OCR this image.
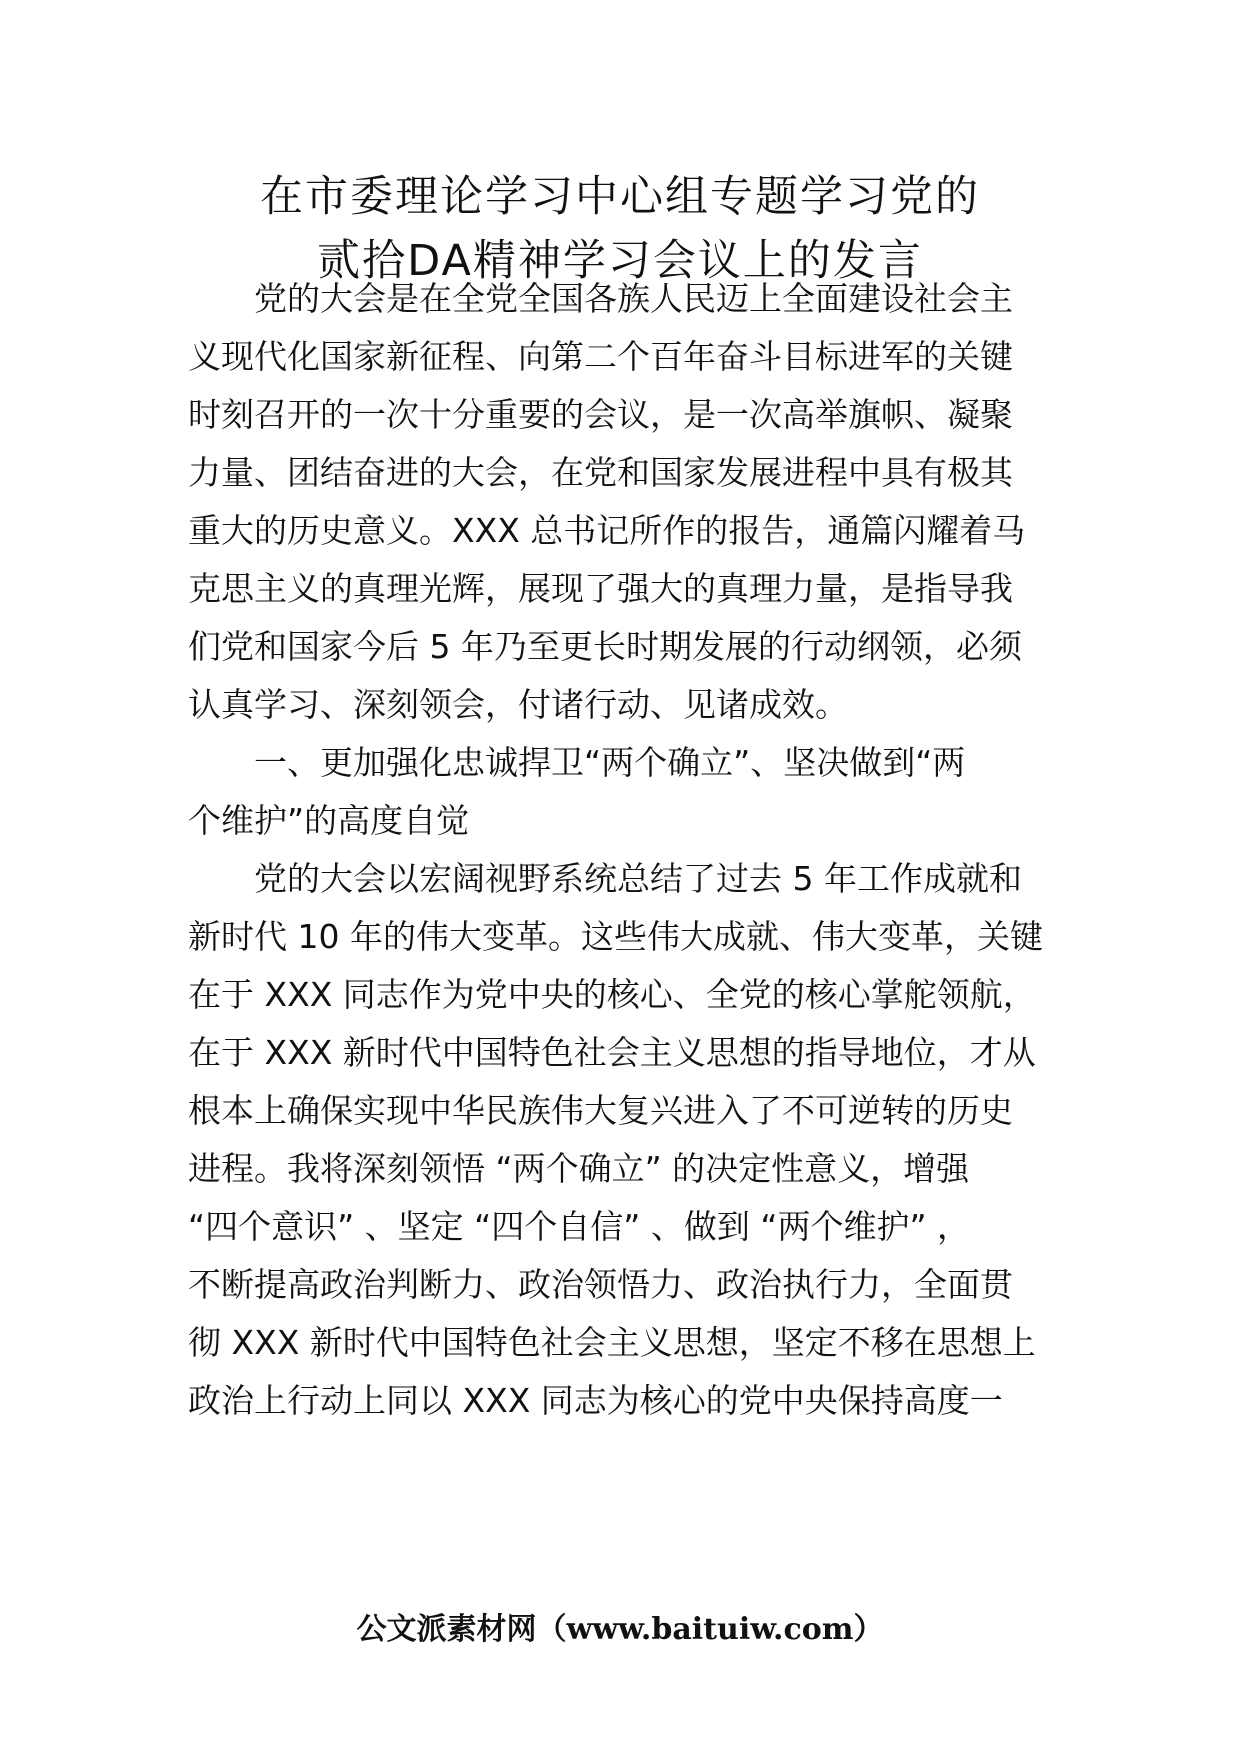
在市委理论学习中心组专题学习党的
贰拾DA精神学习会议上的发言
党的大会是在全党全国各族人民迈上全面建设社会主
义现代化国家新征程、向第二个百年奋斗目标进军的关键
时刻召开的一次十分重要的会议，是一次高举旗帜、凝聚
力量、团结奋进的大会，在党和国家发展进程中具有极其
重大的历史意义。XXX 总书记所作的报告，通篇闪耀着马
克思主义的真理光辉，展现了强大的真理力量，是指导我
们党和国家今后 5 年乃至更长时期发展的行动纲领，必须
认真学习、深刻领会，付诸行动、见诸成效。
一、更加强化忠诚捍卫“两个确立”、坚决做到“两
个维护”的高度自觉
党的大会以宏阔视野系统总结了过去 5 年工作成就和
新时代 10 年的伟大变革。这些伟大成就、伟大变革，关键
在于 XXX 同志作为党中央的核心、全党的核心掌舵领航，
在于 XXX 新时代中国特色社会主义思想的指导地位，才从
根本上确保实现中华民族伟大复兴进入了不可逆转的历史
进程。我将深刻领悟 “两个确立” 的决定性意义，增强
“四个意识” 、坚定 “四个自信” 、做到 “两个维护” ，
不断提高政治判断力、政治领悟力、政治执行力，全面贯
彻 XXX 新时代中国特色社会主义思想，坚定不移在思想上
政治上行动上同以 XXX 同志为核心的党中央保持高度一
公文派素材网（www.baituiw.com）
